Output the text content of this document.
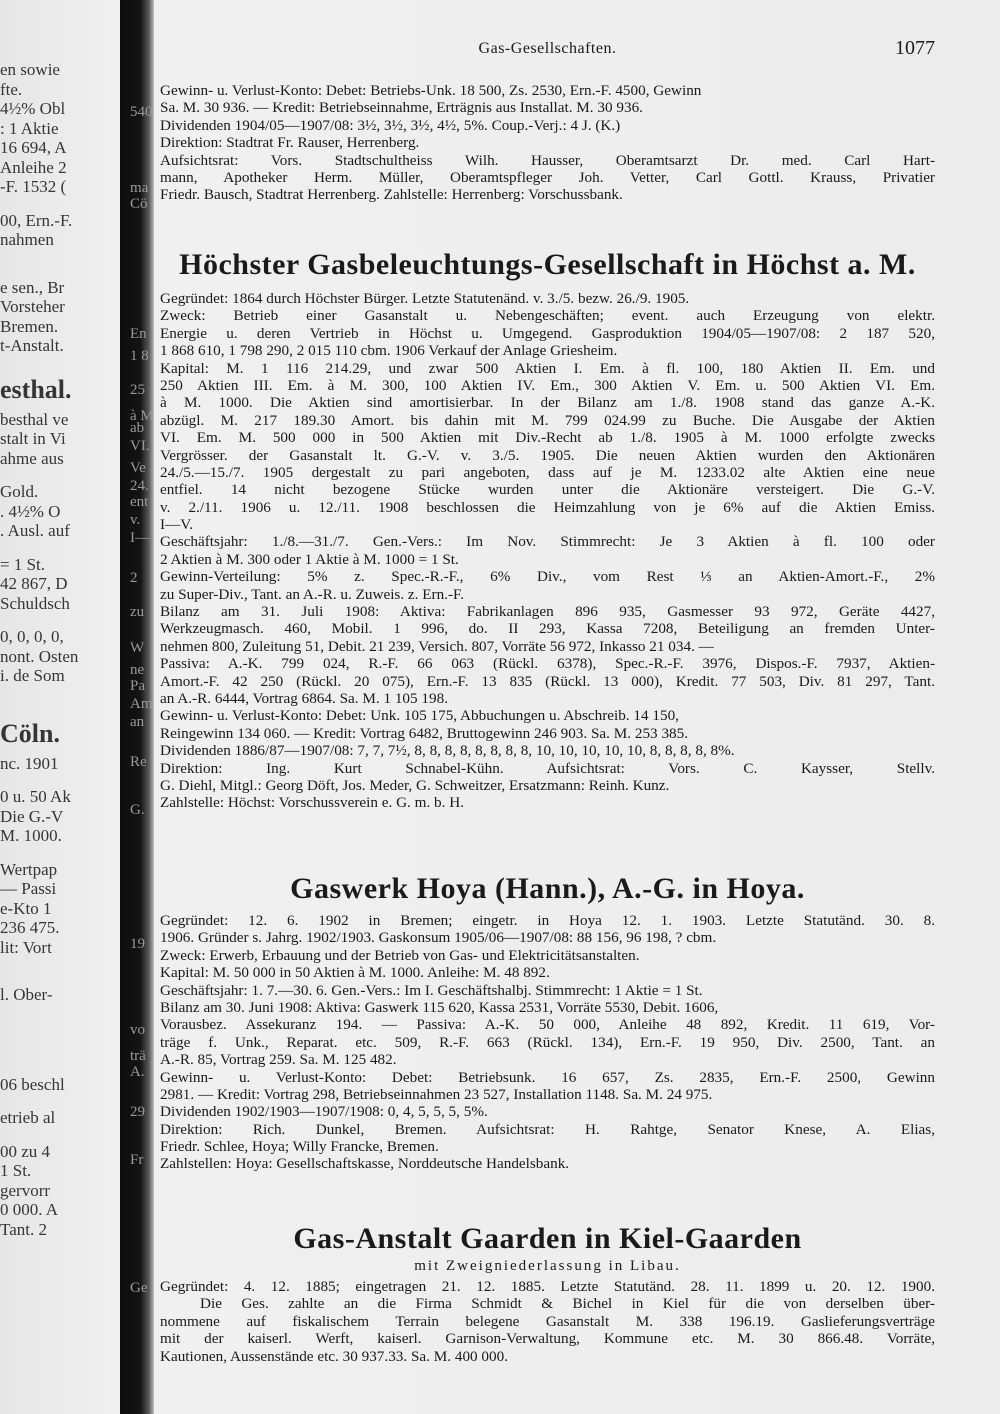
en sowie
fte.
4½% Obl
: 1 Aktie
16 694, A
Anleihe 2
-F. 1532 (
00, Ern.-F.
nahmen
e sen., Br
Vorsteher
Bremen.
t-Anstalt.
esthal.
besthal ve
stalt in Vi
ahme aus
Gold.
. 4½% O
. Ausl. auf
= 1 St.
42 867, D
Schuldsch
0, 0, 0, 0,
nont. Osten
i. de Som
Cöln.
nc. 1901
0 u. 50 Ak
Die G.-V
M. 1000.
Wertpap
— Passi
e-Kto 1
236 475.
lit: Vort
l. Ober-
06 beschl
etrieb al
00 zu 4
1 St.
gervorr
0 000. A
Tant. 2
540
ma
Cö
En
1 8
25
à M
ab
VI.
Ve
24.
ent
v.
I—
2
zu
W
ne
Pa
Am
an
Re
G.
19
vo
trä
A.
29
Fr
Ge
Gas-Gesellschaften.	1077
Gewinn- u. Verlust-Konto: Debet: Betriebs-Unk. 18 500, Zs. 2530, Ern.-F. 4500, Gewinn
Sa. M. 30 936. — Kredit: Betriebseinnahme, Erträgnis aus Installat. M. 30 936.
Dividenden 1904/05—1907/08: 3½, 3½, 3½, 4½, 5%. Coup.-Verj.: 4 J. (K.)
Direktion: Stadtrat Fr. Rauser, Herrenberg.
Aufsichtsrat: Vors. Stadtschultheiss Wilh. Hausser, Oberamtsarzt Dr. med. Carl Hart-
mann, Apotheker Herm. Müller, Oberamtspfleger Joh. Vetter, Carl Gottl. Krauss, Privatier
Friedr. Bausch, Stadtrat Herrenberg. Zahlstelle: Herrenberg: Vorschussbank.
Höchster Gasbeleuchtungs-Gesellschaft in Höchst a. M.
Gegründet: 1864 durch Höchster Bürger. Letzte Statutenänd. v. 3./5. bezw. 26./9. 1905.
Zweck: Betrieb einer Gasanstalt u. Nebengeschäften; event. auch Erzeugung von elektr.
Energie u. deren Vertrieb in Höchst u. Umgegend. Gasproduktion 1904/05—1907/08: 2 187 520,
1 868 610, 1 798 290, 2 015 110 cbm. 1906 Verkauf der Anlage Griesheim.
Kapital: M. 1 116 214.29, und zwar 500 Aktien I. Em. à fl. 100, 180 Aktien II. Em. und
250 Aktien III. Em. à M. 300, 100 Aktien IV. Em., 300 Aktien V. Em. u. 500 Aktien VI. Em.
à M. 1000. Die Aktien sind amortisierbar. In der Bilanz am 1./8. 1908 stand das ganze A.-K.
abzügl. M. 217 189.30 Amort. bis dahin mit M. 799 024.99 zu Buche. Die Ausgabe der Aktien
VI. Em. M. 500 000 in 500 Aktien mit Div.-Recht ab 1./8. 1905 à M. 1000 erfolgte zwecks
Vergrösser. der Gasanstalt lt. G.-V. v. 3./5. 1905. Die neuen Aktien wurden den Aktionären
24./5.—15./7. 1905 dergestalt zu pari angeboten, dass auf je M. 1233.02 alte Aktien eine neue
entfiel. 14 nicht bezogene Stücke wurden unter die Aktionäre versteigert. Die G.-V.
v. 2./11. 1906 u. 12./11. 1908 beschlossen die Heimzahlung von je 6% auf die Aktien Emiss.
I—V.
Geschäftsjahr: 1./8.—31./7. Gen.-Vers.: Im Nov. Stimmrecht: Je 3 Aktien à fl. 100 oder
2 Aktien à M. 300 oder 1 Aktie à M. 1000 = 1 St.
Gewinn-Verteilung: 5% z. Spec.-R.-F., 6% Div., vom Rest ⅓ an Aktien-Amort.-F., 2%
zu Super-Div., Tant. an A.-R. u. Zuweis. z. Ern.-F.
Bilanz am 31. Juli 1908: Aktiva: Fabrikanlagen 896 935, Gasmesser 93 972, Geräte 4427,
Werkzeugmasch. 460, Mobil. 1 996, do. II 293, Kassa 7208, Beteiligung an fremden Unter-
nehmen 800, Zuleitung 51, Debit. 21 239, Versich. 807, Vorräte 56 972, Inkasso 21 034. —
Passiva: A.-K. 799 024, R.-F. 66 063 (Rückl. 6378), Spec.-R.-F. 3976, Dispos.-F. 7937, Aktien-
Amort.-F. 42 250 (Rückl. 20 075), Ern.-F. 13 835 (Rückl. 13 000), Kredit. 77 503, Div. 81 297, Tant.
an A.-R. 6444, Vortrag 6864. Sa. M. 1 105 198.
Gewinn- u. Verlust-Konto: Debet: Unk. 105 175, Abbuchungen u. Abschreib. 14 150,
Reingewinn 134 060. — Kredit: Vortrag 6482, Bruttogewinn 246 903. Sa. M. 253 385.
Dividenden 1886/87—1907/08: 7, 7, 7½, 8, 8, 8, 8, 8, 8, 8, 8, 10, 10, 10, 10, 10, 8, 8, 8, 8, 8%.
Direktion: Ing. Kurt Schnabel-Kühn. Aufsichtsrat: Vors. C. Kaysser, Stellv.
G. Diehl, Mitgl.: Georg Döft, Jos. Meder, G. Schweitzer, Ersatzmann: Reinh. Kunz.
Zahlstelle: Höchst: Vorschussverein e. G. m. b. H.
Gaswerk Hoya (Hann.), A.-G. in Hoya.
Gegründet: 12. 6. 1902 in Bremen; eingetr. in Hoya 12. 1. 1903. Letzte Statutänd. 30. 8.
1906. Gründer s. Jahrg. 1902/1903. Gaskonsum 1905/06—1907/08: 88 156, 96 198, ? cbm.
Zweck: Erwerb, Erbauung und der Betrieb von Gas- und Elektricitätsanstalten.
Kapital: M. 50 000 in 50 Aktien à M. 1000. Anleihe: M. 48 892.
Geschäftsjahr: 1. 7.—30. 6. Gen.-Vers.: Im I. Geschäftshalbj. Stimmrecht: 1 Aktie = 1 St.
Bilanz am 30. Juni 1908: Aktiva: Gaswerk 115 620, Kassa 2531, Vorräte 5530, Debit. 1606,
Vorausbez. Assekuranz 194. — Passiva: A.-K. 50 000, Anleihe 48 892, Kredit. 11 619, Vor-
träge f. Unk., Reparat. etc. 509, R.-F. 663 (Rückl. 134), Ern.-F. 19 950, Div. 2500, Tant. an
A.-R. 85, Vortrag 259. Sa. M. 125 482.
Gewinn- u. Verlust-Konto: Debet: Betriebsunk. 16 657, Zs. 2835, Ern.-F. 2500, Gewinn
2981. — Kredit: Vortrag 298, Betriebseinnahmen 23 527, Installation 1148. Sa. M. 24 975.
Dividenden 1902/1903—1907/1908: 0, 4, 5, 5, 5, 5%.
Direktion: Rich. Dunkel, Bremen. Aufsichtsrat: H. Rahtge, Senator Knese, A. Elias,
Friedr. Schlee, Hoya; Willy Francke, Bremen.
Zahlstellen: Hoya: Gesellschaftskasse, Norddeutsche Handelsbank.
Gas-Anstalt Gaarden in Kiel-Gaarden
mit Zweigniederlassung in Libau.
Gegründet: 4. 12. 1885; eingetragen 21. 12. 1885. Letzte Statutänd. 28. 11. 1899 u. 20. 12. 1900.
Die Ges. zahlte an die Firma Schmidt & Bichel in Kiel für die von derselben über-
nommene auf fiskalischem Terrain belegene Gasanstalt M. 338 196.19. Gaslieferungsverträge
mit der kaiserl. Werft, kaiserl. Garnison-Verwaltung, Kommune etc. M. 30 866.48. Vorräte,
Kautionen, Aussenstände etc. 30 937.33. Sa. M. 400 000.
